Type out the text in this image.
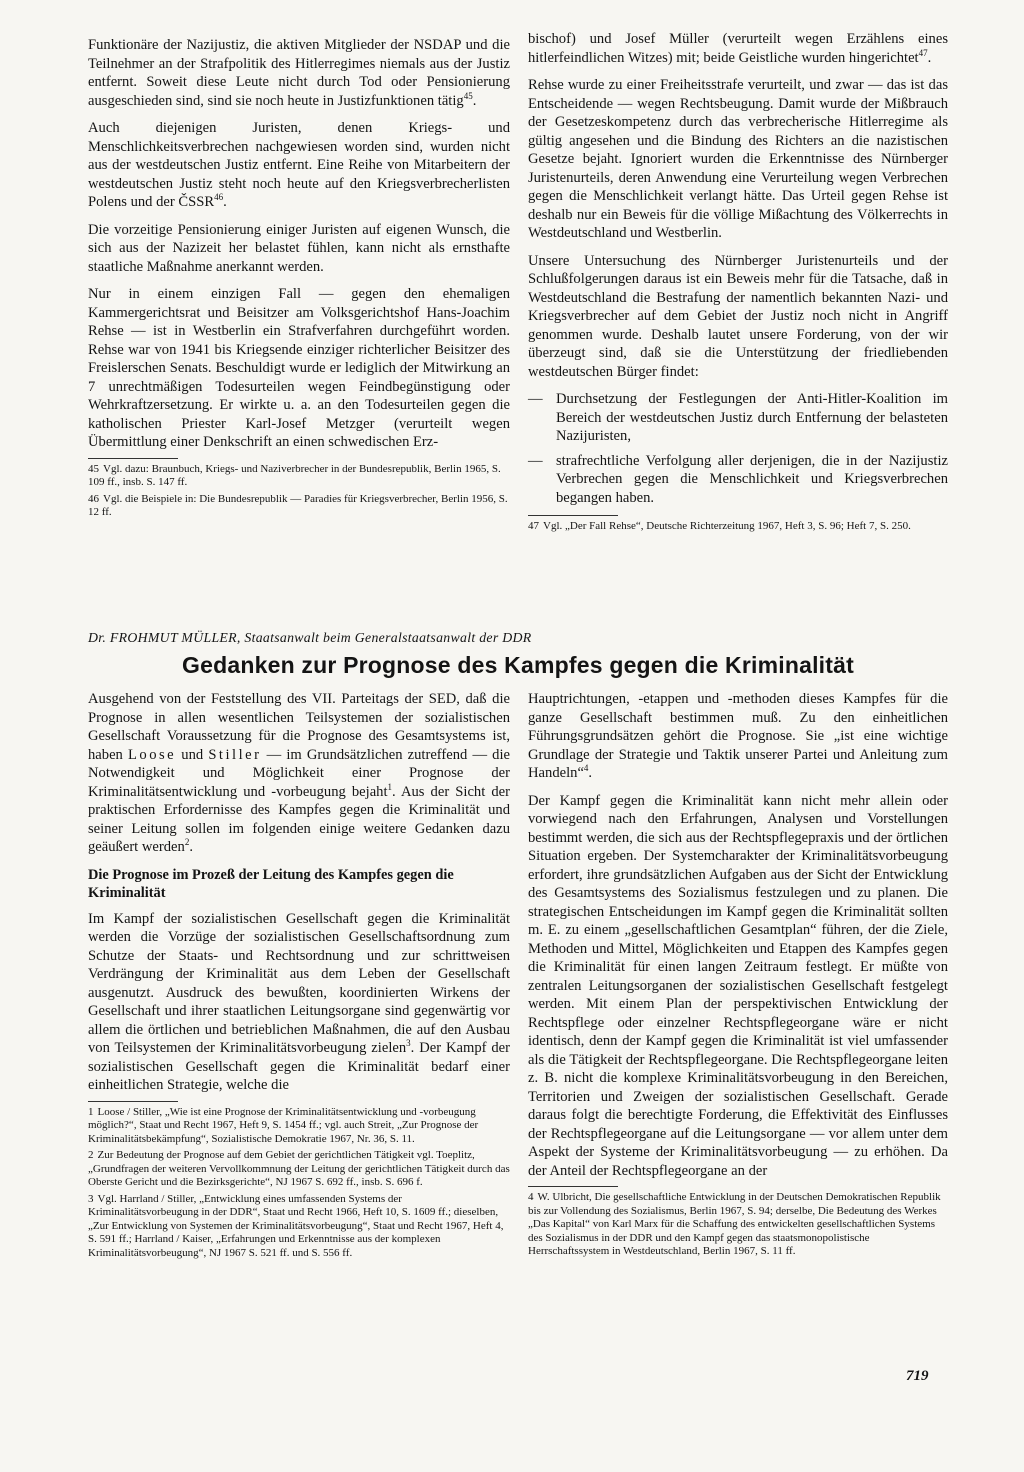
Funktionäre der Nazijustiz, die aktiven Mitglieder der NSDAP und die Teilnehmer an der Strafpolitik des Hitlerregimes niemals aus der Justiz entfernt. Soweit diese Leute nicht durch Tod oder Pensionierung ausgeschieden sind, sind sie noch heute in Justizfunktionen tätig$^{45}$.

Auch diejenigen Juristen, denen Kriegs- und Menschlichkeitsverbrechen nachgewiesen worden sind, wurden nicht aus der westdeutschen Justiz entfernt. Eine Reihe von Mitarbeitern der westdeutschen Justiz steht noch heute auf den Kriegsverbrecherlisten Polens und der ČSSR$^{46}$.

Die vorzeitige Pensionierung einiger Juristen auf eigenen Wunsch, die sich aus der Nazizeit her belastet fühlen, kann nicht als ernsthafte staatliche Maßnahme anerkannt werden.

Nur in einem einzigen Fall — gegen den ehemaligen Kammergerichtsrat und Beisitzer am Volksgerichtshof Hans-Joachim Rehse — ist in Westberlin ein Strafverfahren durchgeführt worden. Rehse war von 1941 bis Kriegsende einziger richterlicher Beisitzer des Freislerschen Senats. Beschuldigt wurde er lediglich der Mitwirkung an 7 unrechtmäßigen Todesurteilen wegen Feindbegünstigung oder Wehrkraftzersetzung. Er wirkte u. a. an den Todesurteilen gegen die katholischen Priester Karl-Josef Metzger (verurteilt wegen Übermittlung einer Denkschrift an einen schwedischen Erz-

45 Vgl. dazu: Braunbuch, Kriegs- und Naziverbrecher in der Bundesrepublik, Berlin 1965, S. 109 ff., insb. S. 147 ff.
46 Vgl. die Beispiele in: Die Bundesrepublik — Paradies für Kriegsverbrecher, Berlin 1956, S. 12 ff.

bischof) und Josef Müller (verurteilt wegen Erzählens eines hitlerfeindlichen Witzes) mit; beide Geistliche wurden hingerichtet$^{47}$.

Rehse wurde zu einer Freiheitsstrafe verurteilt, und zwar — das ist das Entscheidende — wegen Rechtsbeugung. Damit wurde der Mißbrauch der Gesetzeskompetenz durch das verbrecherische Hitlerregime als gültig angesehen und die Bindung des Richters an die nazistischen Gesetze bejaht. Ignoriert wurden die Erkenntnisse des Nürnberger Juristenurteils, deren Anwendung eine Verurteilung wegen Verbrechen gegen die Menschlichkeit verlangt hätte. Das Urteil gegen Rehse ist deshalb nur ein Beweis für die völlige Mißachtung des Völkerrechts in Westdeutschland und Westberlin.

Unsere Untersuchung des Nürnberger Juristenurteils und der Schlußfolgerungen daraus ist ein Beweis mehr für die Tatsache, daß in Westdeutschland die Bestrafung der namentlich bekannten Nazi- und Kriegsverbrecher auf dem Gebiet der Justiz noch nicht in Angriff genommen wurde. Deshalb lautet unsere Forderung, von der wir überzeugt sind, daß sie die Unterstützung der friedliebenden westdeutschen Bürger findet:

— Durchsetzung der Festlegungen der Anti-Hitler-Koalition im Bereich der westdeutschen Justiz durch Entfernung der belasteten Nazijuristen,
— strafrechtliche Verfolgung aller derjenigen, die in der Nazijustiz Verbrechen gegen die Menschlichkeit und Kriegsverbrechen begangen haben.
47 Vgl. „Der Fall Rehse“, Deutsche Richterzeitung 1967, Heft 3, S. 96; Heft 7, S. 250.
Dr. FROHMUT MÜLLER, Staatsanwalt beim Generalstaatsanwalt der DDR
Gedanken zur Prognose des Kampfes gegen die Kriminalität

Ausgehend von der Feststellung des VII. Parteitags der SED, daß die Prognose in allen wesentlichen Teilsystemen der sozialistischen Gesellschaft Voraussetzung für die Prognose des Gesamtsystems ist, haben Loose und Stiller — im Grundsätzlichen zutreffend — die Notwendigkeit und Möglichkeit einer Prognose der Kriminalitätsentwicklung und -vorbeugung bejaht$^1$. Aus der Sicht der praktischen Erfordernisse des Kampfes gegen die Kriminalität und seiner Leitung sollen im folgenden einige weitere Gedanken dazu geäußert werden$^2$.

Die Prognose im Prozeß der Leitung des Kampfes gegen die Kriminalität

Im Kampf der sozialistischen Gesellschaft gegen die Kriminalität werden die Vorzüge der sozialistischen Gesellschaftsordnung zum Schutze der Staats- und Rechtsordnung und zur schrittweisen Verdrängung der Kriminalität aus dem Leben der Gesellschaft ausgenutzt. Ausdruck des bewußten, koordinierten Wirkens der Gesellschaft und ihrer staatlichen Leitungsorgane sind gegenwärtig vor allem die örtlichen und betrieblichen Maßnahmen, die auf den Ausbau von Teilsystemen der Kriminalitätsvorbeugung zielen$^3$. Der Kampf der sozialistischen Gesellschaft gegen die Kriminalität bedarf einer einheitlichen Strategie, welche die

1 Loose / Stiller, „Wie ist eine Prognose der Kriminalitätsentwicklung und -vorbeugung möglich?“, Staat und Recht 1967, Heft 9, S. 1454 ff.; vgl. auch Streit, „Zur Prognose der Kriminalitätsbekämpfung“, Sozialistische Demokratie 1967, Nr. 36, S. 11.
2 Zur Bedeutung der Prognose auf dem Gebiet der gerichtlichen Tätigkeit vgl. Toeplitz, „Grundfragen der weiteren Vervollkommnung der Leitung der gerichtlichen Tätigkeit durch das Oberste Gericht und die Bezirksgerichte“, NJ 1967 S. 692 ff., insb. S. 696 f.
3 Vgl. Harrland / Stiller, „Entwicklung eines umfassenden Systems der Kriminalitätsvorbeugung in der DDR“, Staat und Recht 1966, Heft 10, S. 1609 ff.; dieselben, „Zur Entwicklung von Systemen der Kriminalitätsvorbeugung“, Staat und Recht 1967, Heft 4, S. 591 ff.; Harrland / Kaiser, „Erfahrungen und Erkenntnisse aus der komplexen Kriminalitätsvorbeugung“, NJ 1967 S. 521 ff. und S. 556 ff.

Hauptrichtungen, -etappen und -methoden dieses Kampfes für die ganze Gesellschaft bestimmen muß. Zu den einheitlichen Führungsgrundsätzen gehört die Prognose. Sie „ist eine wichtige Grundlage der Strategie und Taktik unserer Partei und Anleitung zum Handeln“$^4$.

Der Kampf gegen die Kriminalität kann nicht mehr allein oder vorwiegend nach den Erfahrungen, Analysen und Vorstellungen bestimmt werden, die sich aus der Rechtspflegepraxis und der örtlichen Situation ergeben. Der Systemcharakter der Kriminalitätsvorbeugung erfordert, ihre grundsätzlichen Aufgaben aus der Sicht der Entwicklung des Gesamtsystems des Sozialismus festzulegen und zu planen. Die strategischen Entscheidungen im Kampf gegen die Kriminalität sollten m. E. zu einem „gesellschaftlichen Gesamtplan“ führen, der die Ziele, Methoden und Mittel, Möglichkeiten und Etappen des Kampfes gegen die Kriminalität für einen langen Zeitraum festlegt. Er müßte von zentralen Leitungsorganen der sozialistischen Gesellschaft festgelegt werden. Mit einem Plan der perspektivischen Entwicklung der Rechtspflege oder einzelner Rechtspflegeorgane wäre er nicht identisch, denn der Kampf gegen die Kriminalität ist viel umfassender als die Tätigkeit der Rechtspflegeorgane. Die Rechtspflegeorgane leiten z. B. nicht die komplexe Kriminalitätsvorbeugung in den Bereichen, Territorien und Zweigen der sozialistischen Gesellschaft. Gerade daraus folgt die berechtigte Forderung, die Effektivität des Einflusses der Rechtspflegeorgane auf die Leitungsorgane — vor allem unter dem Aspekt der Systeme der Kriminalitätsvorbeugung — zu erhöhen. Da der Anteil der Rechtspflegeorgane an der

4 W. Ulbricht, Die gesellschaftliche Entwicklung in der Deutschen Demokratischen Republik bis zur Vollendung des Sozialismus, Berlin 1967, S. 94; derselbe, Die Bedeutung des Werkes „Das Kapital“ von Karl Marx für die Schaffung des entwickelten gesellschaftlichen Systems des Sozialismus in der DDR und den Kampf gegen das staatsmonopolistische Herrschaftssystem in Westdeutschland, Berlin 1967, S. 11 ff.
719
